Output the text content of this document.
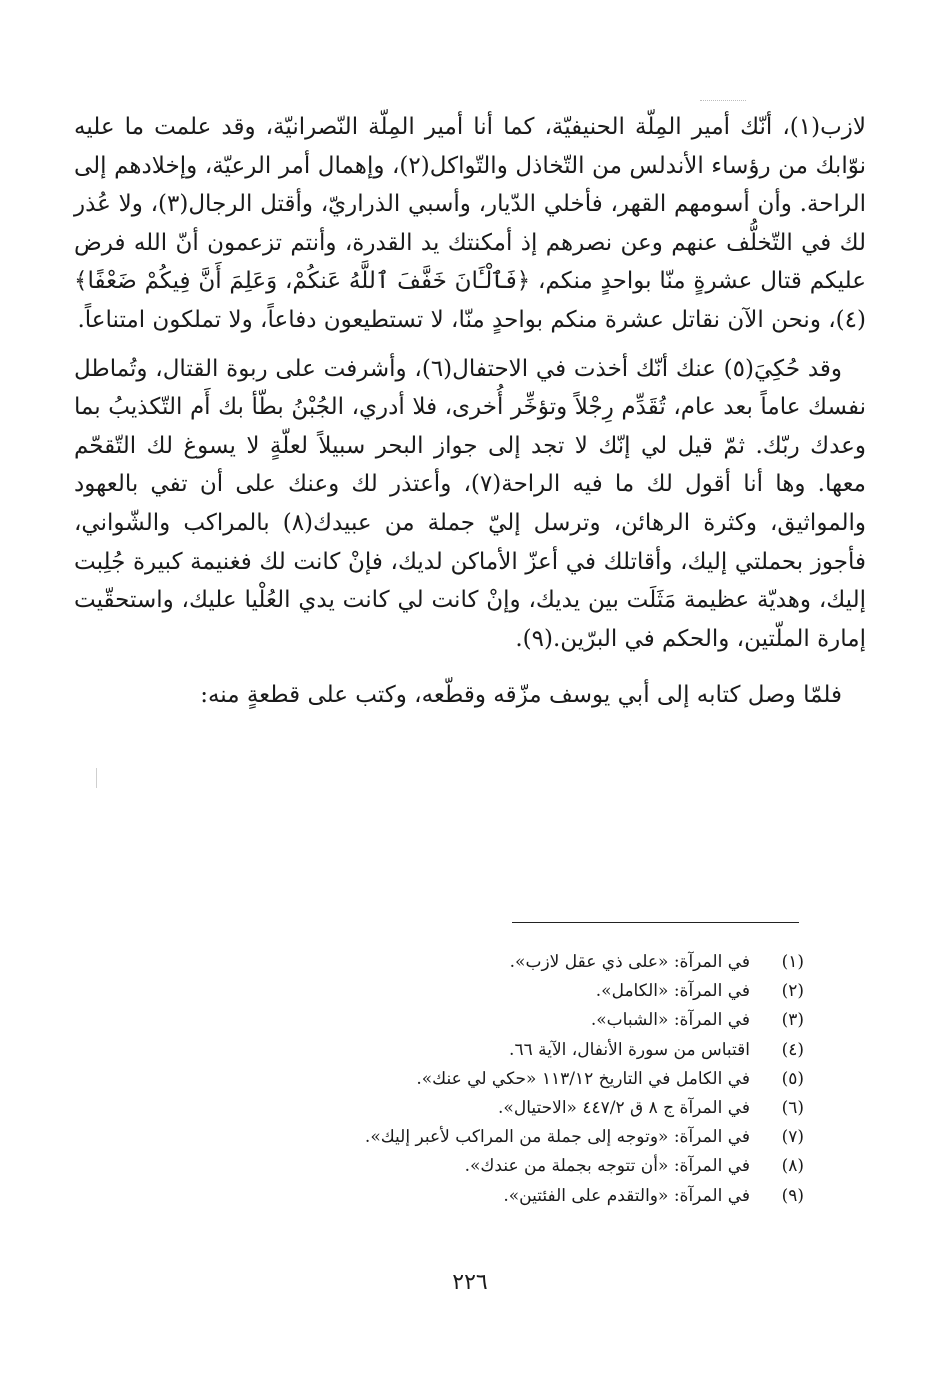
لازب(١)، أنّك أمير المِلّة الحنيفيّة، كما أنا أمير المِلّة النّصرانيّة، وقد علمت ما عليه نوّابك من رؤساء الأندلس من التّخاذل والتّواكل(٢)، وإهمال أمر الرعيّة، وإخلادهم إلى الراحة. وأن أسومهم القهر، فأخلي الدّيار، وأسبي الذراريّ، وأقتل الرجال(٣)، ولا عُذر لك في التّخلُّف عنهم وعن نصرهم إذ أمكنتك يد القدرة، وأنتم تزعمون أنّ الله فرض عليكم قتال عشرةٍ منّا بواحدٍ منكم، ﴿فَٱلْـَٔانَ خَفَّفَ ٱللَّهُ عَنكُمْ، وَعَلِمَ أَنَّ فِيكُمْ ضَعْفًا﴾(٤)، ونحن الآن نقاتل عشرة منكم بواحدٍ منّا، لا تستطيعون دفاعاً، ولا تملكون امتناعاً.

وقد حُكِيَ(٥) عنك أنّك أخذت في الاحتفال(٦)، وأشرفت على ربوة القتال، وتُماطل نفسك عاماً بعد عام، تُقَدِّم رِجْلاً وتؤخِّر أُخرى، فلا أدري، الجُبْنُ بطّأ بك أَم التّكذيبُ بما وعدك ربّك. ثمّ قيل لي إنّك لا تجد إلى جواز البحر سبيلاً لعلّةٍ لا يسوغ لك التّقحّم معها. وها أنا أقول لك ما فيه الراحة(٧)، وأعتذر لك وعنك على أن تفي بالعهود والمواثيق، وكثرة الرهائن، وترسل إليّ جملة من عبيدك(٨) بالمراكب والشّواني، فأجوز بحملتي إليك، وأقاتلك في أعزّ الأماكن لديك، فإنْ كانت لك فغنيمة كبيرة جُلِبت إليك، وهديّة عظيمة مَثَلَت بين يديك، وإنْ كانت لي كانت يدي العُلْيا عليك، واستحقّيت إمارة الملّتين، والحكم في البرّين.(٩).

فلمّا وصل كتابه إلى أبي يوسف مزّقه وقطّعه، وكتب على قطعةٍ منه:

(١)
في المرآة: «على ذي عقل لازب».
(٢)
في المرآة: «الكامل».
(٣)
في المرآة: «الشباب».
(٤)
اقتباس من سورة الأنفال، الآية ٦٦.
(٥)
في الكامل في التاريخ ١١٣/١٢ «حكي لي عنك».
(٦)
في المرآة ج ٨ ق ٤٤٧/٢ «الاحتيال».
(٧)
في المرآة: «وتوجه إلى جملة من المراكب لأعبر إليك».
(٨)
في المرآة: «أن تتوجه بجملة من عندك».
(٩)
في المرآة: «والتقدم على الفئتين».
٢٢٦
